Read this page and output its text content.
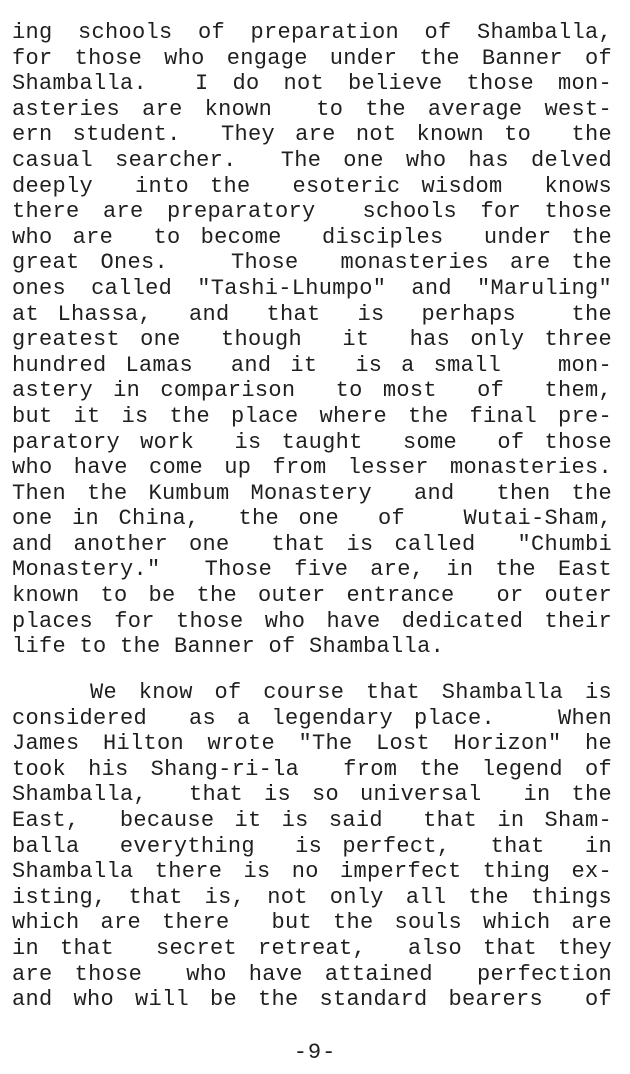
ing schools of preparation of Shamballa,
for those who engage under the Banner of
Shamballa.  I do not believe those mon-
asteries are known  to the average west-
ern student.  They are not known to  the
casual searcher.  The one who has delved
deeply  into the  esoteric wisdom  knows
there are preparatory  schools for those
who are  to become  disciples  under the
great Ones.   Those  monasteries are the
ones called "Tashi-Lhumpo" and "Maruling"
at Lhassa,  and  that  is  perhaps   the
greatest one  though  it  has only three
hundred Lamas  and it  is a small   mon-
astery in comparison  to most  of  them,
but it is the place where the final pre-
paratory work  is taught  some  of those
who have come up from lesser monasteries.
Then the Kumbum Monastery  and  then the
one in China,  the one  of   Wutai-Sham,
and another one  that is called  "Chumbi
Monastery."  Those five are, in the East
known to be the outer entrance  or outer
places for those who have dedicated their
life to the Banner of Shamballa.
We know of course that Shamballa is
considered  as a legendary place.   When
James Hilton wrote "The Lost Horizon" he
took his Shang-ri-la  from the legend of
Shamballa,  that is so universal  in the
East,  because it is said  that in Sham-
balla  everything  is perfect,  that  in
Shamballa there is no imperfect thing ex-
isting, that is, not only all the things
which are there  but the souls which are
in that  secret retreat,  also that they
are those  who have attained  perfection
and who will be the standard bearers  of
-9-
